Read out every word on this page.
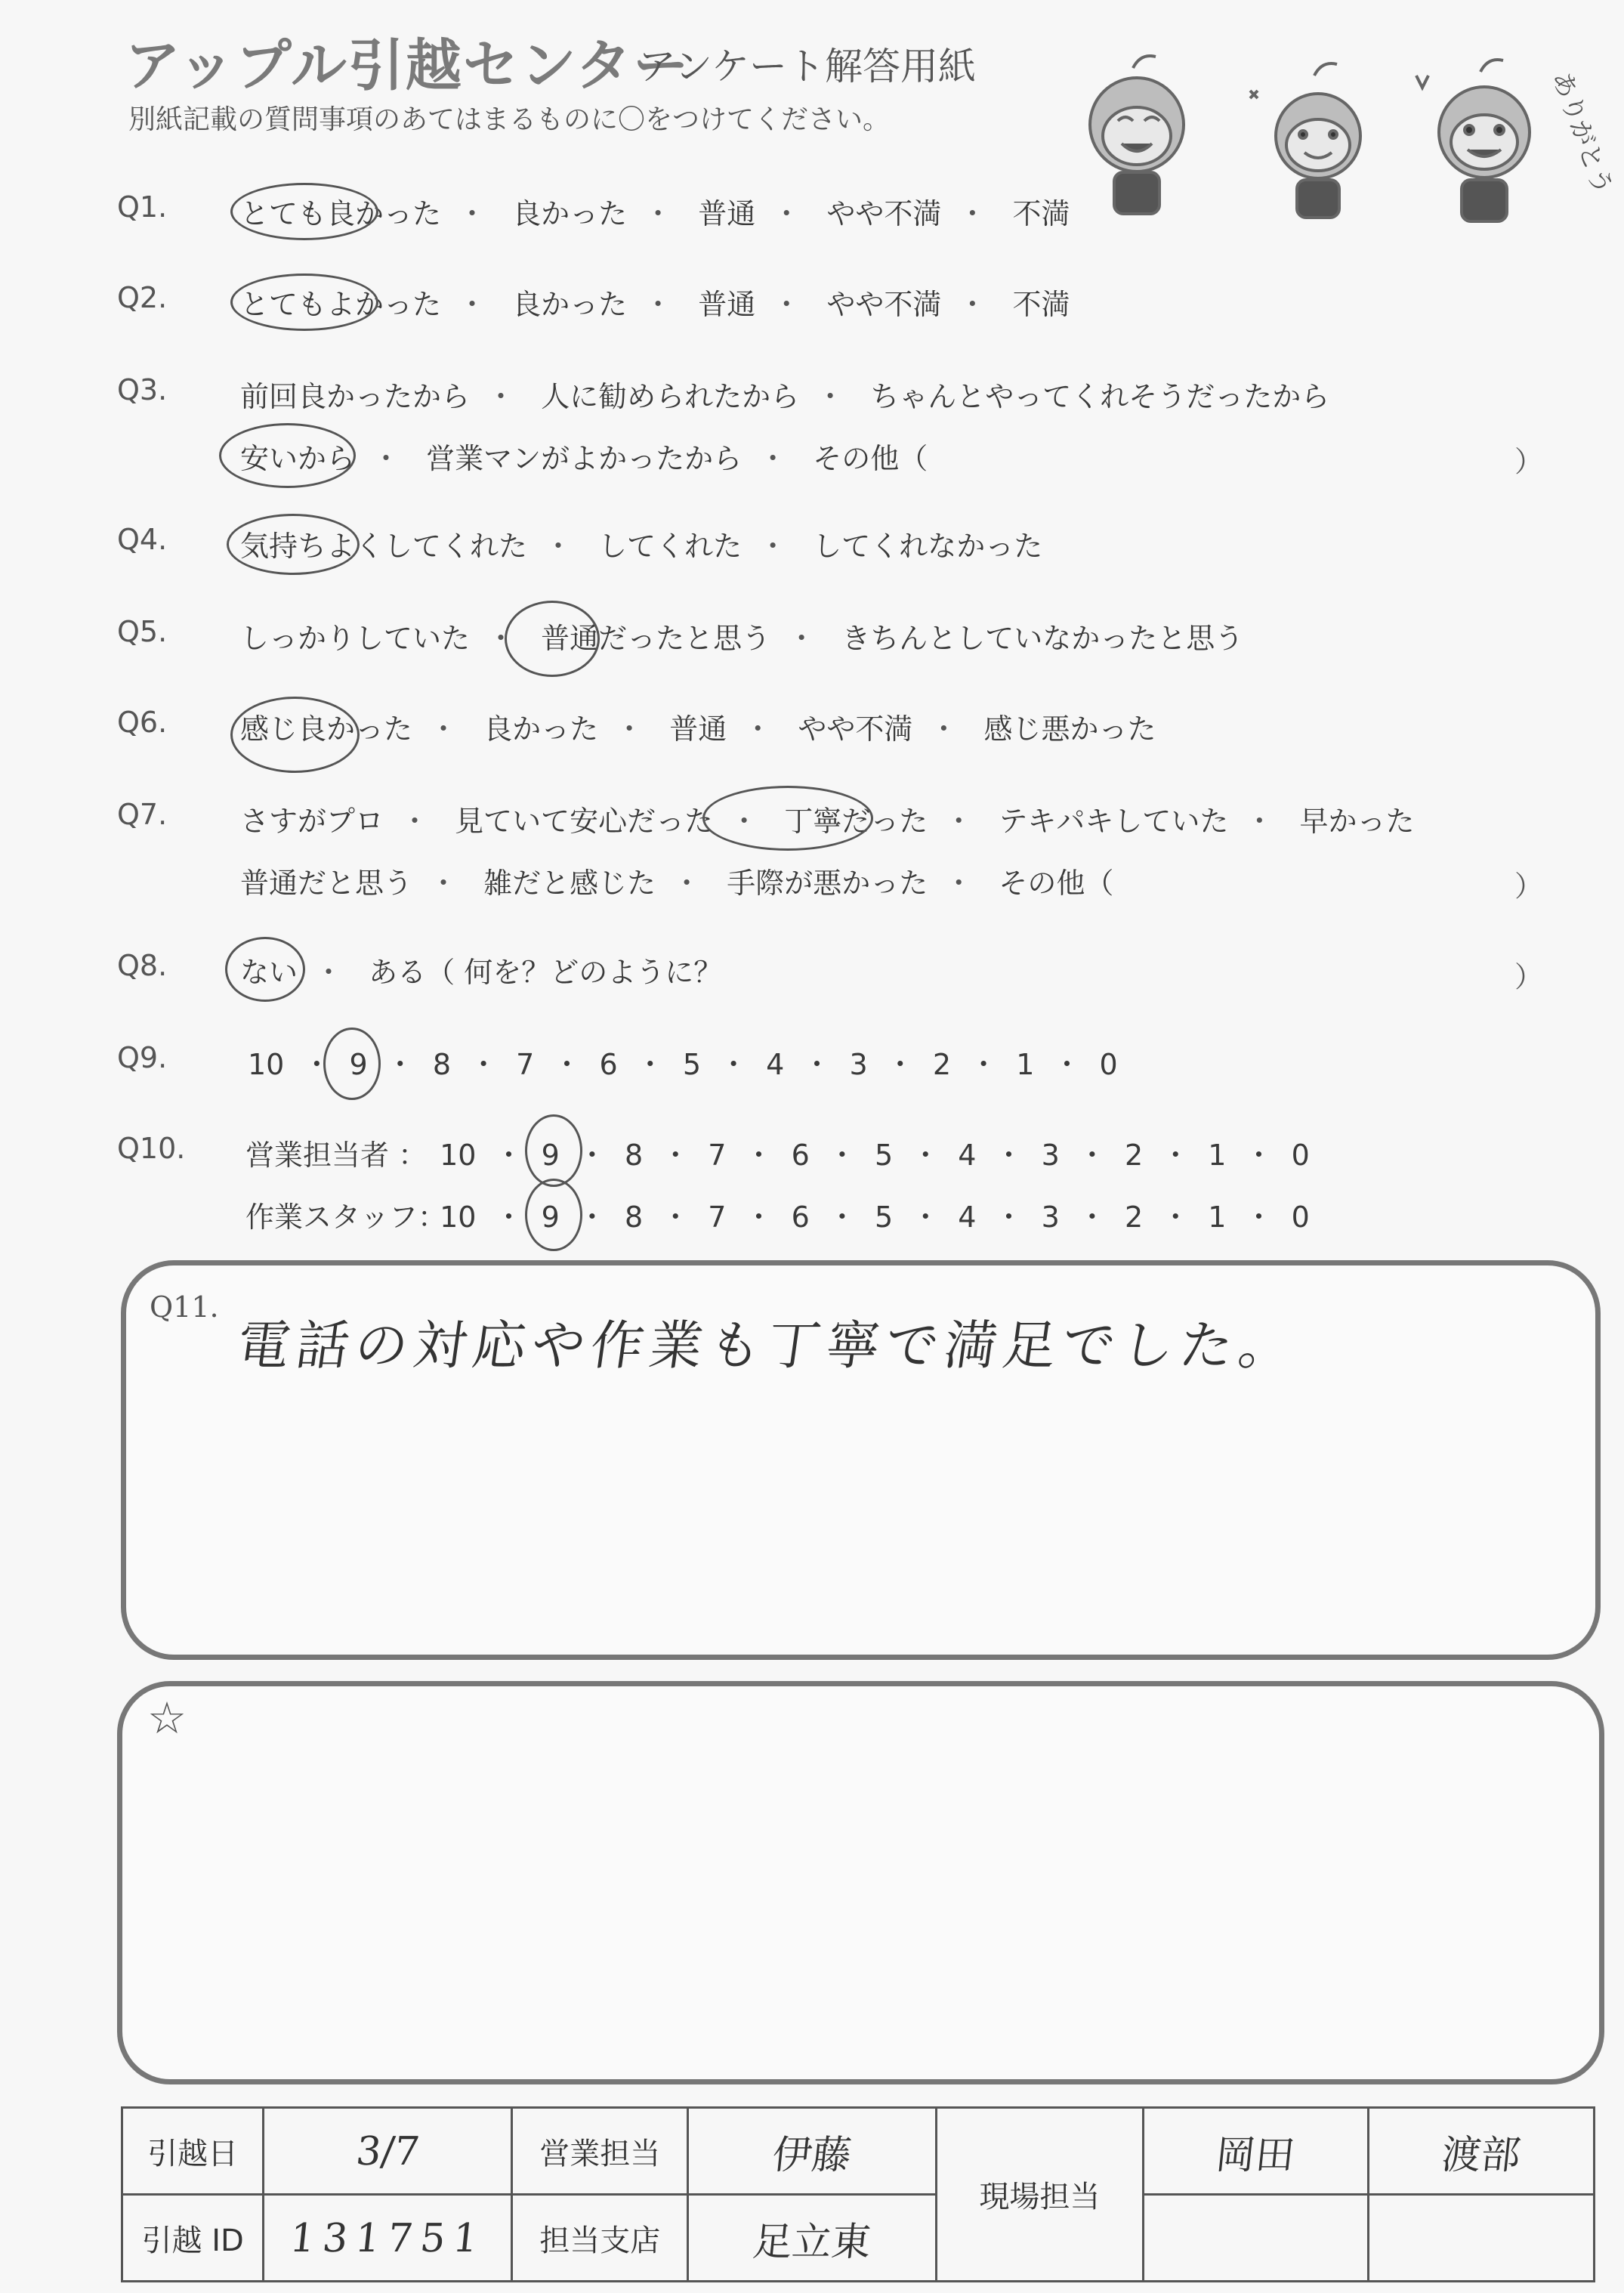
アップル引越センター
アンケート解答用紙
別紙記載の質問事項のあてはまるものに〇をつけてください。	ありがとう
Q1.	とても良かった ・ 良かった ・ 普通 ・ やや不満 ・ 不満
Q2.	とてもよかった ・ 良かった ・ 普通 ・ やや不満 ・ 不満
Q3.	前回良かったから ・ 人に勧められたから ・ ちゃんとやってくれそうだったから
安いから ・ 営業マンがよかったから ・ その他（	）
Q4.	気持ちよくしてくれた ・ してくれた ・ してくれなかった
Q5.	しっかりしていた ・ 普通だったと思う ・ きちんとしていなかったと思う
Q6.	感じ良かった ・ 良かった ・ 普通 ・ やや不満 ・ 感じ悪かった
Q7.	さすがプロ ・ 見ていて安心だった ・ 丁寧だった ・ テキパキしていた ・ 早かった
普通だと思う ・ 雑だと感じた ・ 手際が悪かった ・ その他（	）
Q8.	ない ・ ある（ 何を？どのように？	）
Q9.	10 ・ 9 ・ 8 ・ 7 ・ 6 ・ 5 ・ 4 ・ 3 ・ 2 ・ 1 ・ 0
Q10. 営業担当者 ： 10 ・ 9 ・ 8 ・ 7 ・ 6 ・ 5 ・ 4 ・ 3 ・ 2 ・ 1 ・ 0
作業スタッフ： 10 ・ 9 ・ 8 ・ 7 ・ 6 ・ 5 ・ 4 ・ 3 ・ 2 ・ 1 ・ 0
Q11.
電話の対応や作業も丁寧で満足でした。
☆
引越日	3/7	営業担当	伊藤	現場担当	岡田	渡部
引越 ID	131751	担当支店	足立東			
